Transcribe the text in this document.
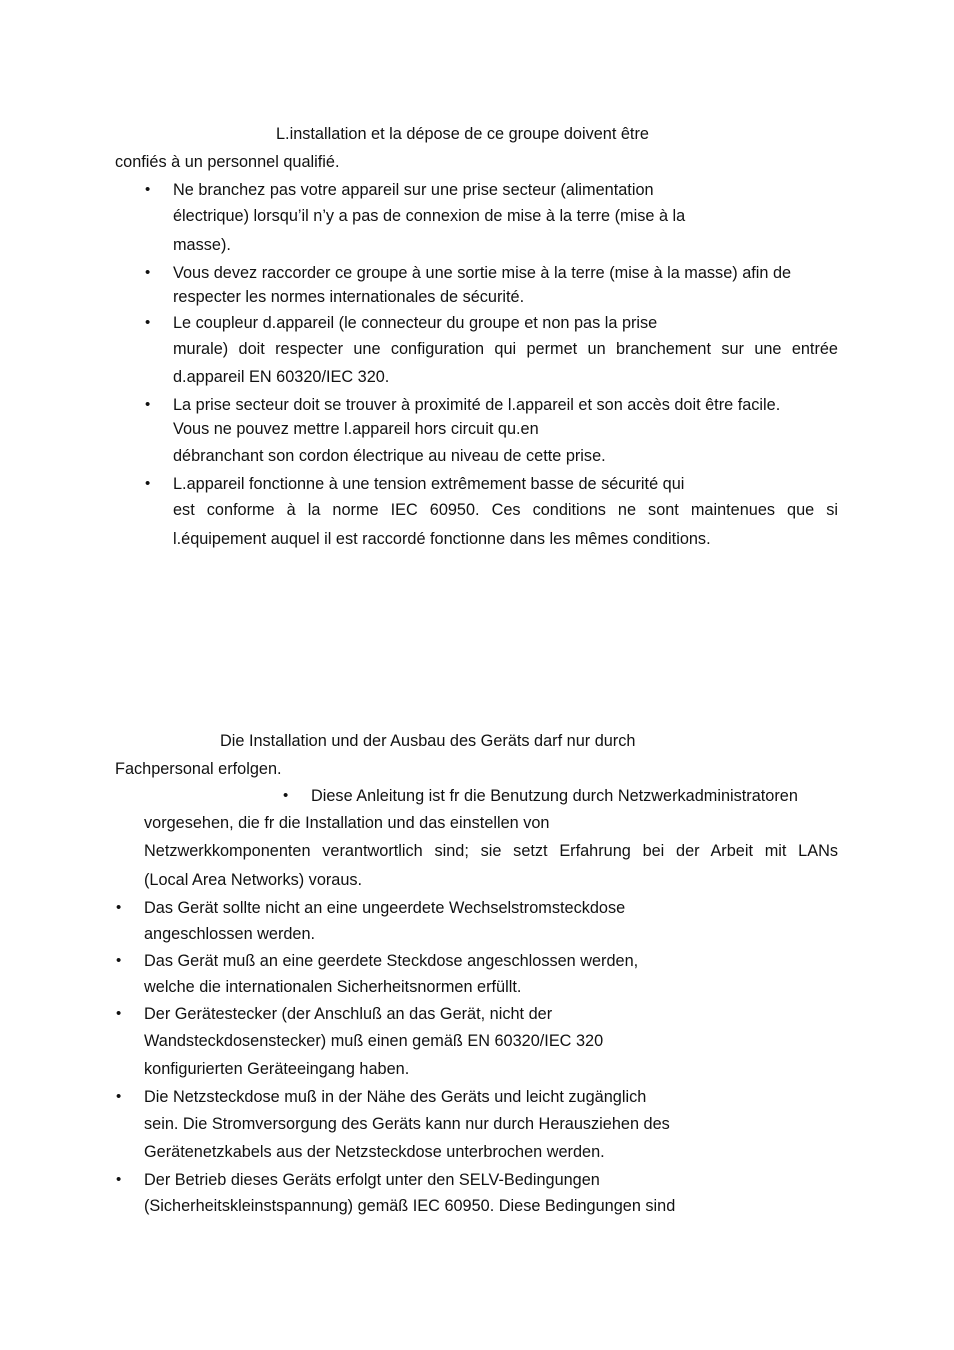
L.installation et la dépose de ce groupe doivent être
confiés à un personnel qualifié.
• Ne branchez pas votre appareil sur une prise secteur (alimentation
électrique) lorsqu’il n’y a pas de connexion de mise à la terre (mise à la
masse).
• Vous devez raccorder ce groupe à une sortie mise à la terre (mise à la masse) afin de
respecter les normes internationales de sécurité.
• Le coupleur d.appareil (le connecteur du groupe et non pas la prise
murale) doit respecter une configuration qui permet un branchement sur une entrée
d.appareil EN 60320/IEC 320.
• La prise secteur doit se trouver à proximité de l.appareil et son accès doit être facile.
Vous ne pouvez mettre l.appareil hors circuit qu.en
débranchant son cordon électrique au niveau de cette prise.
• L.appareil fonctionne à une tension extrêmement basse de sécurité qui
est conforme à la norme IEC 60950. Ces conditions ne sont maintenues que si
l.équipement auquel il est raccordé fonctionne dans les mêmes conditions.
Die Installation und der Ausbau des Geräts darf nur durch
Fachpersonal erfolgen.
• Diese Anleitung ist fr die Benutzung durch Netzwerkadministratoren
vorgesehen, die fr die Installation und das einstellen von
Netzwerkkomponenten verantwortlich sind; sie setzt Erfahrung bei der Arbeit mit LANs
(Local Area Networks) voraus.
• Das Gerät sollte nicht an eine ungeerdete Wechselstromsteckdose
angeschlossen werden.
• Das Gerät muß an eine geerdete Steckdose angeschlossen werden,
welche die internationalen Sicherheitsnormen erfüllt.
• Der Gerätestecker (der Anschluß an das Gerät, nicht der
Wandsteckdosenstecker) muß einen gemäß EN 60320/IEC 320
konfigurierten Geräteeingang haben.
• Die Netzsteckdose muß in der Nähe des Geräts und leicht zugänglich
sein. Die Stromversorgung des Geräts kann nur durch Herausziehen des
Gerätenetzkabels aus der Netzsteckdose unterbrochen werden.
• Der Betrieb dieses Geräts erfolgt unter den SELV-Bedingungen
(Sicherheitskleinstspannung) gemäß IEC 60950. Diese Bedingungen sind
